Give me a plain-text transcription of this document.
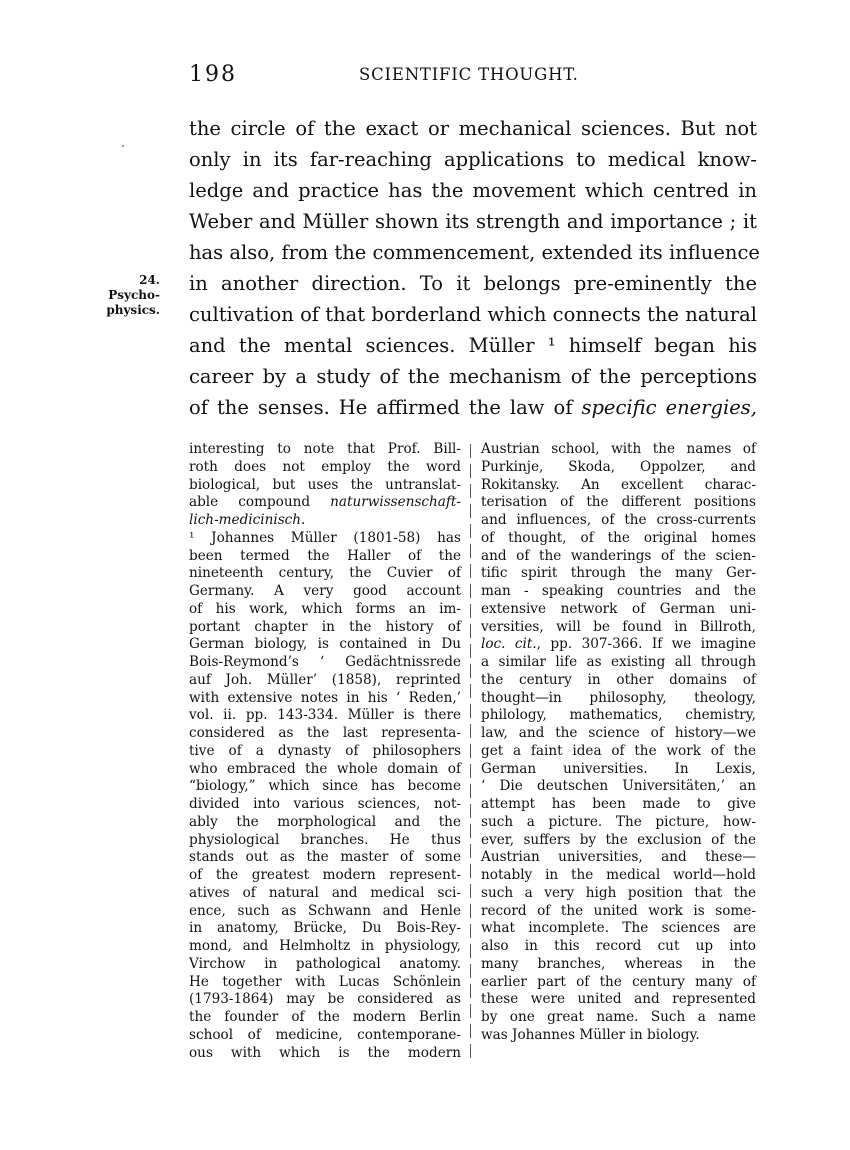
198	SCIENTIFIC THOUGHT.
24.
Psycho-
physics.
the circle of the exact or mechanical sciences. But not
only in its far-reaching applications to medical know-
ledge and practice has the movement which centred in
Weber and Müller shown its strength and importance ; it
has also, from the commencement, extended its influence
in another direction. To it belongs pre-eminently the
cultivation of that borderland which connects the natural
and the mental sciences. Müller ¹ himself began his
career by a study of the mechanism of the perceptions
of the senses. He affirmed the law of specific energies,
interesting to note that Prof. Bill-
roth does not employ the word
biological, but uses the untranslat-
able compound naturwissenschaft-
lich-medicinisch.
¹ Johannes Müller (1801-58) has
been termed the Haller of the
nineteenth century, the Cuvier of
Germany. A very good account
of his work, which forms an im-
portant chapter in the history of
German biology, is contained in Du
Bois-Reymond’s ‘ Gedächtnissrede
auf Joh. Müller’ (1858), reprinted
with extensive notes in his ‘ Reden,’
vol. ii. pp. 143-334. Müller is there
considered as the last representa-
tive of a dynasty of philosophers
who embraced the whole domain of
“biology,” which since has become
divided into various sciences, not-
ably the morphological and the
physiological branches. He thus
stands out as the master of some
of the greatest modern represent-
atives of natural and medical sci-
ence, such as Schwann and Henle
in anatomy, Brücke, Du Bois-Rey-
mond, and Helmholtz in physiology,
Virchow in pathological anatomy.
He together with Lucas Schönlein
(1793-1864) may be considered as
the founder of the modern Berlin
school of medicine, contemporane-
ous with which is the modern
Austrian school, with the names of
Purkinje, Skoda, Oppolzer, and
Rokitansky. An excellent charac-
terisation of the different positions
and influences, of the cross-currents
of thought, of the original homes
and of the wanderings of the scien-
tific spirit through the many Ger-
man - speaking countries and the
extensive network of German uni-
versities, will be found in Billroth,
loc. cit., pp. 307-366. If we imagine
a similar life as existing all through
the century in other domains of
thought—in philosophy, theology,
philology, mathematics, chemistry,
law, and the science of history—we
get a faint idea of the work of the
German universities. In Lexis,
‘ Die deutschen Universitäten,’ an
attempt has been made to give
such a picture. The picture, how-
ever, suffers by the exclusion of the
Austrian universities, and these—
notably in the medical world—hold
such a very high position that the
record of the united work is some-
what incomplete. The sciences are
also in this record cut up into
many branches, whereas in the
earlier part of the century many of
these were united and represented
by one great name. Such a name
was Johannes Müller in biology.
